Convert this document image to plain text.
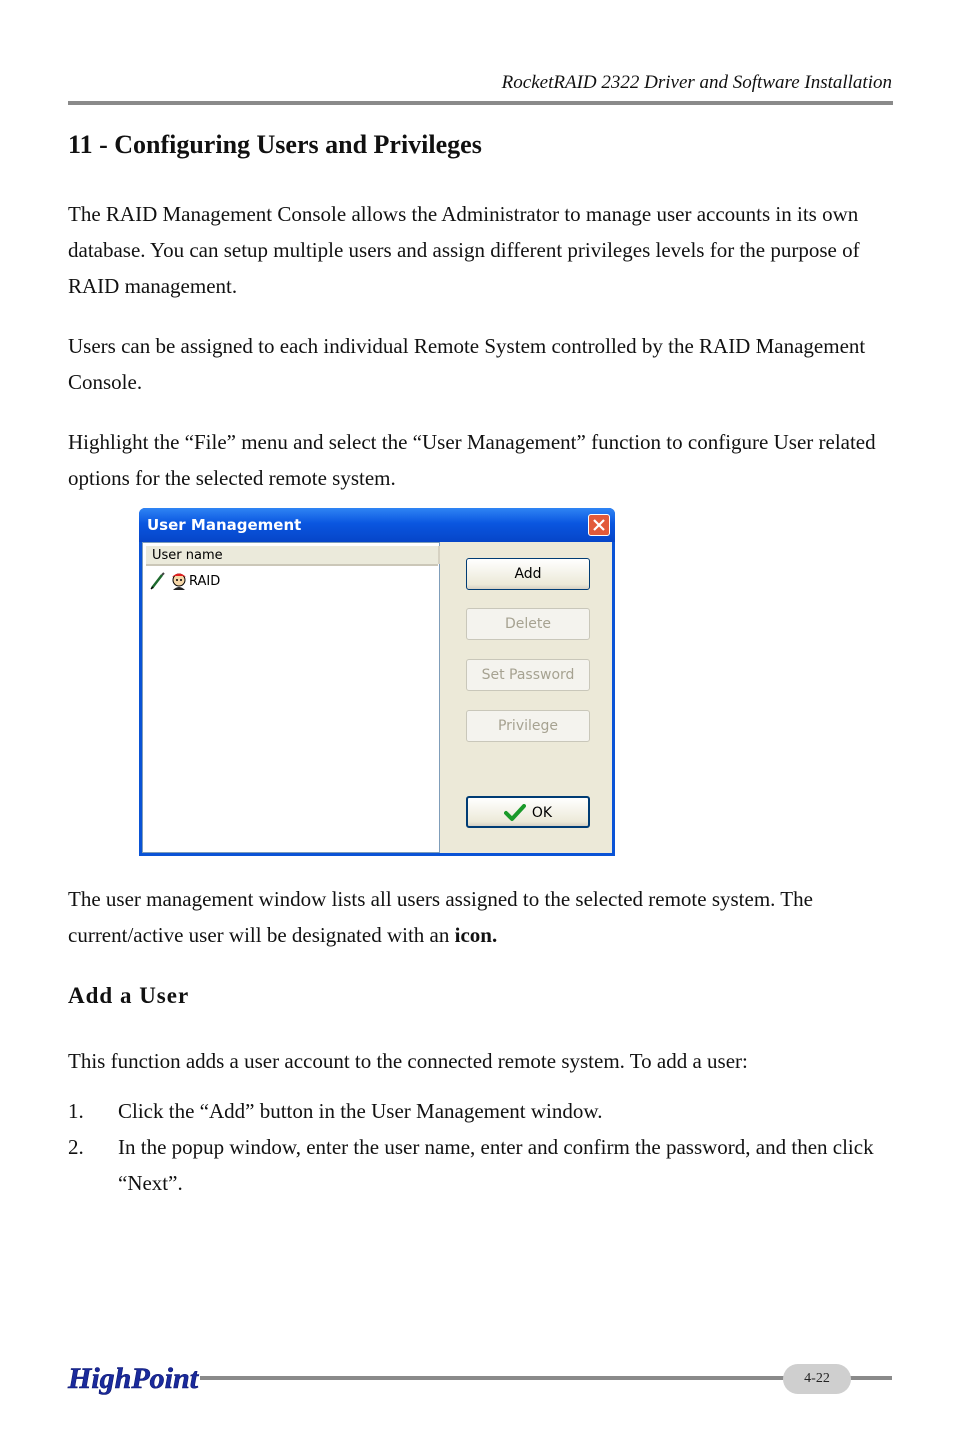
RocketRAID 2322 Driver and Software Installation
11 - Configuring Users and Privileges
The RAID Management Console allows the Administrator to manage user accounts in its own database. You can setup multiple users and assign different privileges levels for the purpose of RAID management.
Users can be assigned to each individual Remote System controlled by the RAID Management Console.
Highlight the “File” menu and select the “User Management” function to configure User related options for the selected remote system.
User Management
User name
RAID	Add
Delete
Set Password
Privilege
OK
The user management window lists all users assigned to the selected remote system. The current/active user will be designated with an icon.
Add a User
This function adds a user account to the connected remote system. To add a user:
1. Click the “Add” button in the User Management window.
2. In the popup window, enter the user name, enter and confirm the password, and then click “Next”.
HighPoint	4-22
